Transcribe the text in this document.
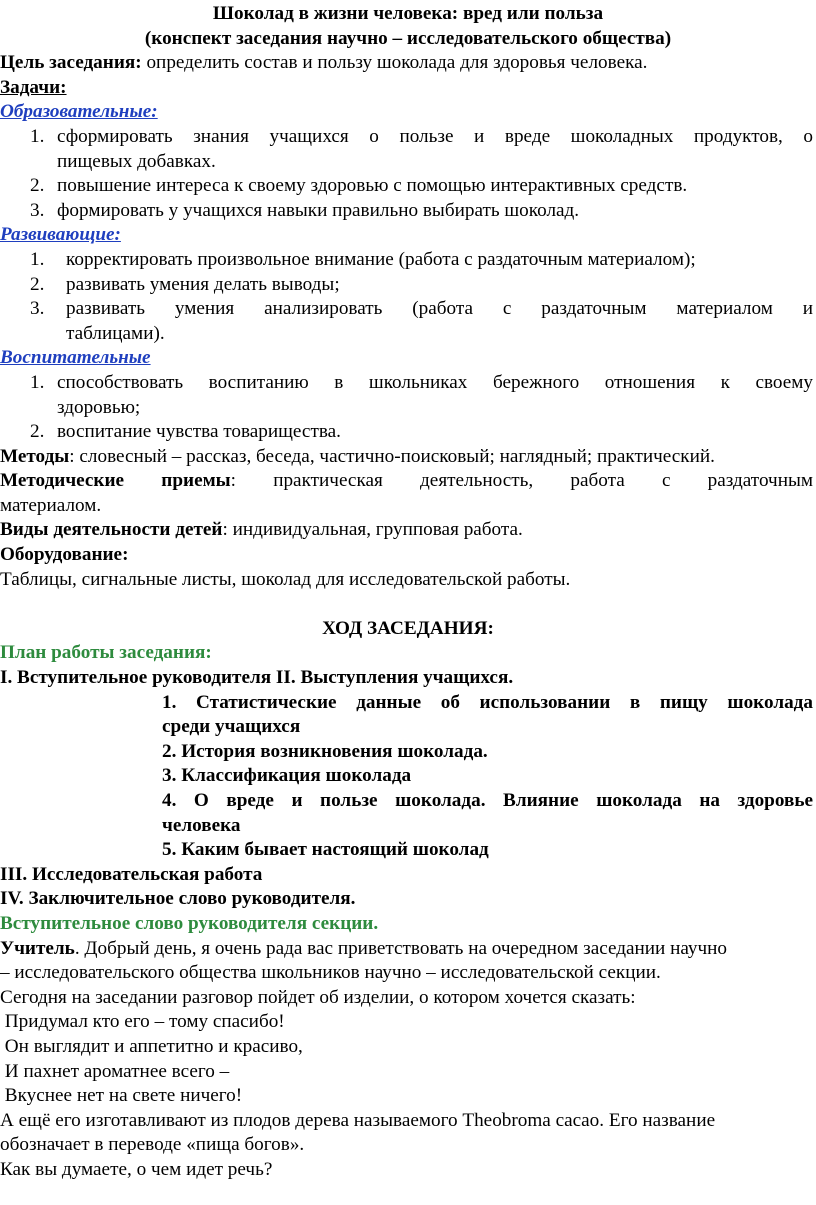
Шоколад в жизни человека: вред или польза
(конспект заседания научно – исследовательского общества)
Цель заседания: определить состав и пользу шоколада для здоровья человека.
Задачи:
Образовательные:
1. сформировать знания учащихся о пользе и вреде шоколадных продуктов, о
пищевых добавках.
2. повышение интереса к своему здоровью с помощью интерактивных средств.
3. формировать у учащихся навыки правильно выбирать шоколад.
Развивающие:
1. корректировать произвольное внимание (работа с раздаточным материалом);
2. развивать умения делать выводы;
3. развивать умения анализировать (работа с раздаточным материалом и
таблицами).
Воспитательные
1. способствовать воспитанию в школьниках бережного отношения к своему
здоровью;
2. воспитание чувства товарищества.
Методы: словесный – рассказ, беседа, частично-поисковый; наглядный; практический.
Методические приемы: практическая деятельность, работа с раздаточным
материалом.
Виды деятельности детей: индивидуальная, групповая работа.
Оборудование:
Таблицы, сигнальные листы, шоколад для исследовательской работы.
ХОД ЗАСЕДАНИЯ:
План работы заседания:
I. Вступительное руководителя II. Выступления учащихся.
1. Статистические данные об использовании в пищу шоколада
среди учащихся
2. История возникновения шоколада.
3. Классификация шоколада
4. О вреде и пользе шоколада. Влияние шоколада на здоровье
человека
5. Каким бывает настоящий шоколад
III. Исследовательская работа
IV. Заключительное слово руководителя.
Вступительное слово руководителя секции.
Учитель. Добрый день, я очень рада вас приветствовать на очередном заседании научно
– исследовательского общества школьников научно – исследовательской секции.
Сегодня на заседании разговор пойдет об изделии, о котором хочется сказать:
Придумал кто его – тому спасибо!
Он выглядит и аппетитно и красиво,
И пахнет ароматнее всего –
Вкуснее нет на свете ничего!
А ещё его изготавливают из плодов дерева называемого Theobroma cacao. Его название
обозначает в переводе «пища богов».
Как вы думаете, о чем идет речь?
